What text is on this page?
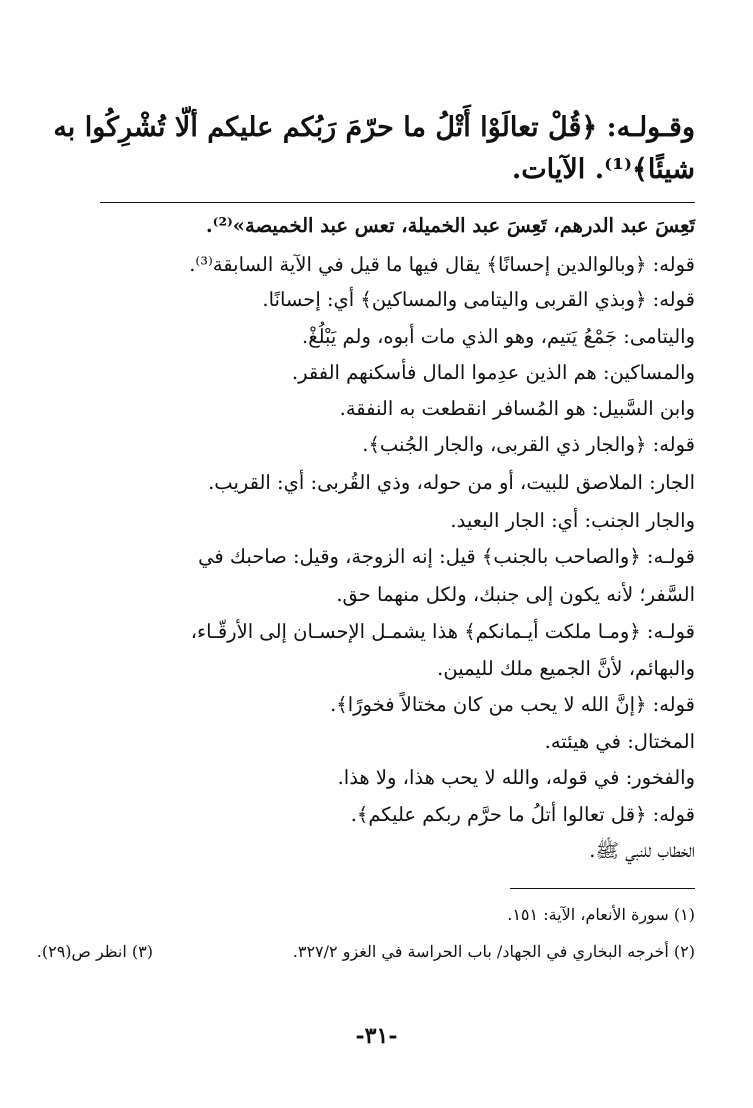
وقـولـه: ﴿قُلْ تعالَوْا أَتْلُ ما حرّمَ رَبُكم عليكم ألّا تُشْرِكُوا به
شيئًا﴾⁽¹⁾. الآيات.
تَعِسَ عبد الدرهم، تَعِسَ عبد الخميلة، تعس عبد الخميصة»⁽²⁾.
قوله: ﴿وبالوالدين إحسانًا﴾ يقال فيها ما قيل في الآية السابقة⁽³⁾.
قوله: ﴿وبذي القربى واليتامى والمساكين﴾ أي: إحسانًا.
واليتامى: جَمْعُ يَتيم، وهو الذي مات أبوه، ولم يَبْلُغْ.
والمساكين: هم الذين عدِموا المال فأسكنهم الفقر.
وابن السَّبيل: هو المُسافر انقطعت به النفقة.
قوله: ﴿والجار ذي القربى، والجار الجُنب﴾.
الجار: الملاصق للبيت، أو من حوله، وذي القُربى: أي: القريب.
والجار الجنب: أي: الجار البعيد.
قولـه: ﴿والصاحب بالجنب﴾ قيل: إنه الزوجة، وقيل: صاحبك في
السَّفر؛ لأنه يكون إلى جنبك، ولكل منهما حق.
قولـه: ﴿ومـا ملكت أيـمانكم﴾ هذا يشمـل الإحسـان إلى الأرقّـاء،
والبهائم، لأنَّ الجميع ملك لليمين.
قوله: ﴿إنَّ الله لا يحب من كان مختالاً فخورًا﴾.
المختال: في هيئته.
والفخور: في قوله، والله لا يحب هذا، ولا هذا.
قوله: ﴿قل تعالوا أتلُ ما حرَّم ربكم عليكم﴾.
الخطاب للنبي ﷺ.
(١) سورة الأنعام، الآية: ١٥١.
(٢) أخرجه البخاري في الجهاد/ باب الحراسة في الغزو ٣٢٧/٢.
(٣) انظر ص(٢٩).
-٣١-
